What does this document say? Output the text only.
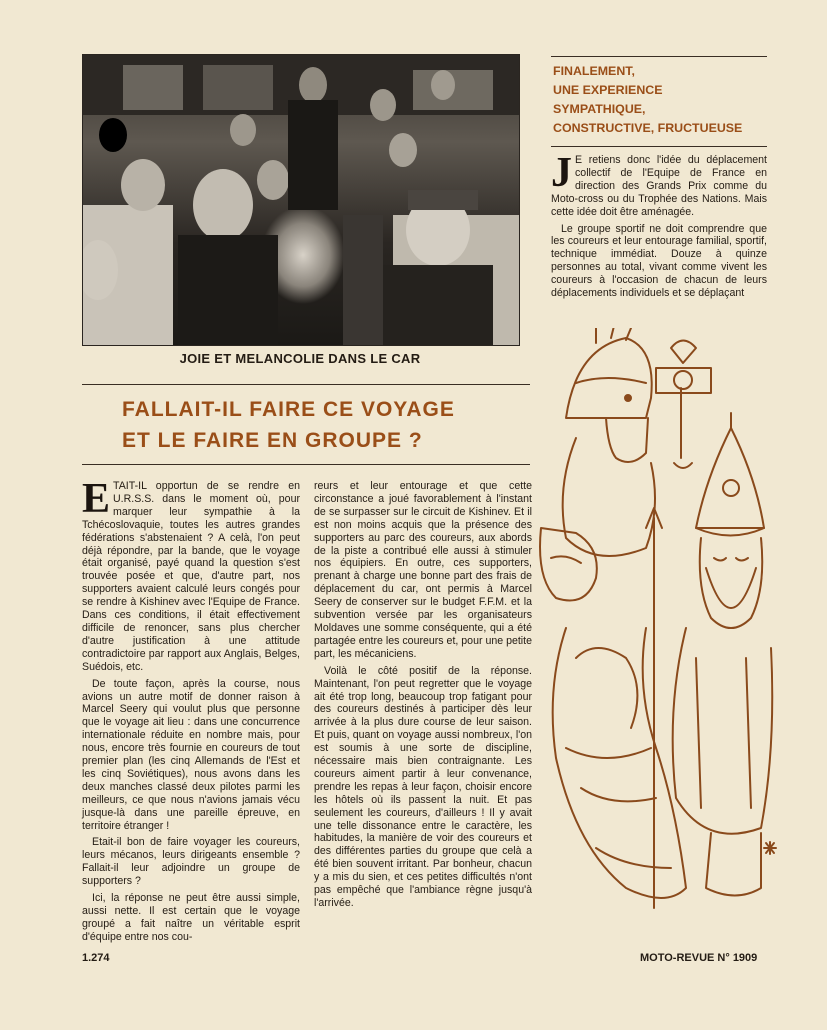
JOIE ET MELANCOLIE DANS LE CAR
FALLAIT-IL FAIRE CE VOYAGE
ET LE FAIRE EN GROUPE ?
FINALEMENT,
UNE EXPERIENCE
SYMPATHIQUE,
CONSTRUCTIVE, FRUCTUEUSE

J E retiens donc l'idée du déplacement collectif de l'Equipe de France en direction des Grands Prix comme du Moto-cross ou du Trophée des Nations. Mais cette idée doit être aménagée.

Le groupe sportif ne doit comprendre que les coureurs et leur entourage familial, sportif, technique immédiat. Douze à quinze personnes au total, vivant comme vivent les coureurs à l'occasion de chacun de leurs déplacements individuels et se déplaçant

ETAIT-IL opportun de se rendre en U.R.S.S. dans le moment où, pour marquer leur sympathie à la Tchécoslovaquie, toutes les autres grandes fédérations s'abstenaient ? A celà, l'on peut déjà répondre, par la bande, que le voyage était organisé, payé quand la question s'est trouvée posée et que, d'autre part, nos supporters avaient calculé leurs congés pour se rendre à Kishinev avec l'Equipe de France. Dans ces conditions, il était effectivement difficile de renoncer, sans plus chercher d'autre justification à une attitude contradictoire par rapport aux Anglais, Belges, Suédois, etc.

De toute façon, après la course, nous avions un autre motif de donner raison à Marcel Seery qui voulut plus que personne que le voyage ait lieu : dans une concurrence internationale réduite en nombre mais, pour nous, encore très fournie en coureurs de tout premier plan (les cinq Allemands de l'Est et les cinq Soviétiques), nous avons dans les deux manches classé deux pilotes parmi les meilleurs, ce que nous n'avions jamais vécu jusque-là dans une pareille épreuve, en territoire étranger !

Etait-il bon de faire voyager les coureurs, leurs mécanos, leurs dirigeants ensemble ? Fallait-il leur adjoindre un groupe de supporters ?

Ici, la réponse ne peut être aussi simple, aussi nette. Il est certain que le voyage groupé a fait naître un véritable esprit d'équipe entre nos cou-

reurs et leur entourage et que cette circonstance a joué favorablement à l'instant de se surpasser sur le circuit de Kishinev. Et il est non moins acquis que la présence des supporters au parc des coureurs, aux abords de la piste a contribué elle aussi à stimuler nos équipiers. En outre, ces supporters, prenant à charge une bonne part des frais de déplacement du car, ont permis à Marcel Seery de conserver sur le budget F.F.M. et la subvention versée par les organisateurs Moldaves une somme conséquente, qui a été partagée entre les coureurs et, pour une petite part, les mécaniciens.

Voilà le côté positif de la réponse. Maintenant, l'on peut regretter que le voyage ait été trop long, beaucoup trop fatigant pour des coureurs destinés à participer dès leur arrivée à la plus dure course de leur saison. Et puis, quant on voyage aussi nombreux, l'on est soumis à une sorte de discipline, nécessaire mais bien contraignante. Les coureurs aiment partir à leur convenance, prendre les repas à leur façon, choisir encore les hôtels où ils passent la nuit. Et pas seulement les coureurs, d'ailleurs ! Il y avait une telle dissonance entre le caractère, les habitudes, la manière de voir des coureurs et des différentes parties du groupe que celà a été bien souvent irritant. Par bonheur, chacun y a mis du sien, et ces petites difficultés n'ont pas empêché que l'ambiance règne jusqu'à l'arrivée.

1.274	MOTO-REVUE N° 1909
